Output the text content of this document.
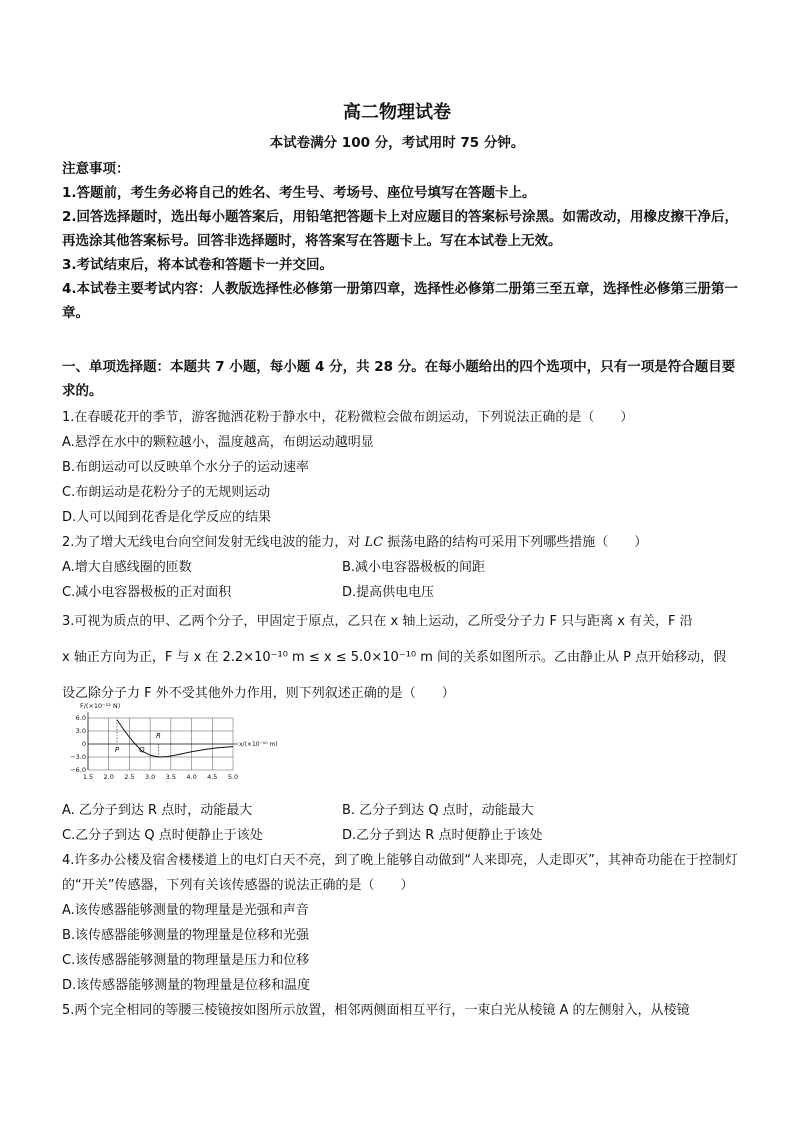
高二物理试卷
本试卷满分 100 分，考试用时 75 分钟。

注意事项：

1.答题前，考生务必将自己的姓名、考生号、考场号、座位号填写在答题卡上。

2.回答选择题时，选出每小题答案后，用铅笔把答题卡上对应题目的答案标号涂黑。如需改动，用橡皮擦干净后，再选涂其他答案标号。回答非选择题时，将答案写在答题卡上。写在本试卷上无效。

3.考试结束后，将本试卷和答题卡一并交回。

4.本试卷主要考试内容：人教版选择性必修第一册第四章，选择性必修第二册第三至五章，选择性必修第三册第一章。

一、单项选择题：本题共 7 小题，每小题 4 分，共 28 分。在每小题给出的四个选项中，只有一项是符合题目要求的。

1.在春暖花开的季节，游客抛洒花粉于静水中，花粉微粒会做布朗运动，下列说法正确的是（　　）

A.悬浮在水中的颗粒越小，温度越高，布朗运动越明显

B.布朗运动可以反映单个水分子的运动速率

C.布朗运动是花粉分子的无规则运动

D.人可以闻到花香是化学反应的结果

2.为了增大无线电台向空间发射无线电波的能力，对 LC 振荡电路的结构可采用下列哪些措施（　　）

A.增大自感线圈的匝数	B.减小电容器极板的间距

C.减小电容器极板的正对面积	D.提高供电电压

3.可视为质点的甲、乙两个分子，甲固定于原点，乙只在 x 轴上运动，乙所受分子力 F 只与距离 x 有关，F 沿

x 轴正方向为正，F 与 x 在 2.2×10⁻¹⁰ m ≤ x ≤ 5.0×10⁻¹⁰ m 间的关系如图所示。乙由静止从 P 点开始移动，假

设乙除分子力 F 外不受其他外力作用，则下列叙述正确的是（　　）

6.0
3.0
0
−3.0
−6.0
1.5 2.0 2.5 3.0 3.5 4.0 4.5 5.0
F/(×10⁻¹² N)
x/(×10⁻¹⁰ m)
P	Q
R

A. 乙分子到达 R 点时，动能最大	B. 乙分子到达 Q 点时，动能最大

C.乙分子到达 Q 点时便静止于该处	D.乙分子到达 R 点时便静止于该处

4.许多办公楼及宿舍楼楼道上的电灯白天不亮，到了晚上能够自动做到“人来即亮，人走即灭”，其神奇功能在于控制灯的“开关”传感器，下列有关该传感器的说法正确的是（　　）

A.该传感器能够测量的物理量是光强和声音

B.该传感器能够测量的物理量是位移和光强

C.该传感器能够测量的物理量是压力和位移

D.该传感器能够测量的物理量是位移和温度

5.两个完全相同的等腰三棱镜按如图所示放置，相邻两侧面相互平行，一束白光从棱镜 A 的左侧射入，从棱镜
